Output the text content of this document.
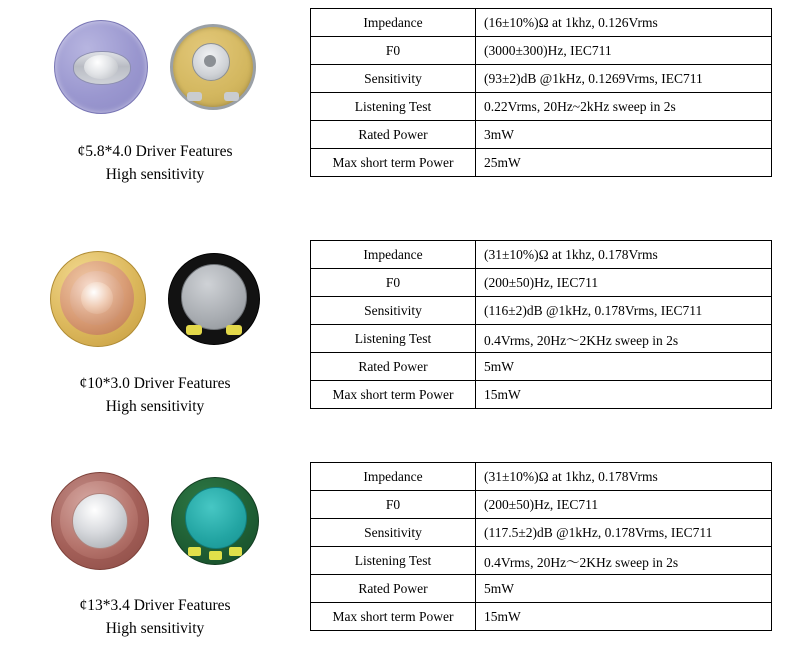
¢5.8*4.0 Driver Features
High sensitivity
Impedance	(16±10%)Ω at 1khz, 0.126Vrms
F0	(3000±300)Hz, IEC711
Sensitivity	(93±2)dB @1kHz, 0.1269Vrms, IEC711
Listening Test	0.22Vrms, 20Hz~2kHz sweep in 2s
Rated Power	3mW
Max short term Power	25mW
¢10*3.0 Driver Features
High sensitivity
Impedance	(31±10%)Ω at 1khz, 0.178Vrms
F0	(200±50)Hz, IEC711
Sensitivity	(116±2)dB @1kHz, 0.178Vrms, IEC711
Listening Test	0.4Vrms, 20Hz～2KHz sweep in 2s
Rated Power	5mW
Max short term Power	15mW
¢13*3.4 Driver Features
High sensitivity
Impedance	(31±10%)Ω at 1khz, 0.178Vrms
F0	(200±50)Hz, IEC711
Sensitivity	(117.5±2)dB @1kHz, 0.178Vrms, IEC711
Listening Test	0.4Vrms, 20Hz～2KHz sweep in 2s
Rated Power	5mW
Max short term Power	15mW
